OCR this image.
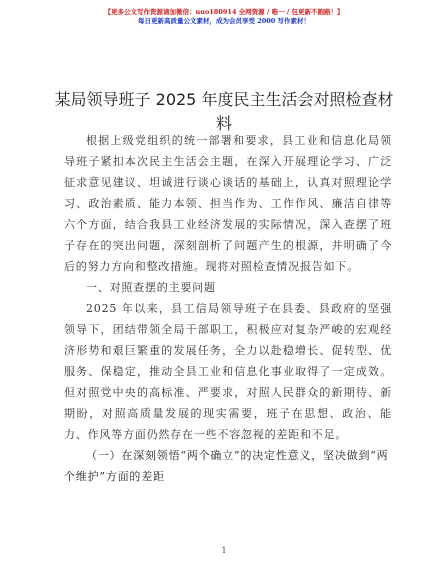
【更多公文写作资源请加微信：nuo180914 全网资源 / 唯一 / 包更新不跑路！】
每日更新高质量公文素材，成为会员享受 2000 写作素材！
某局领导班子 2025 年度民主生活会对照检查材料

根据上级党组织的统一部署和要求，县工业和信息化局领导班子紧扣本次民主生活会主题，在深入开展理论学习、广泛征求意见建议、坦诚进行谈心谈话的基础上，认真对照理论学习、政治素质、能力本领、担当作为、工作作风、廉洁自律等六个方面，结合我县工业经济发展的实际情况，深入查摆了班子存在的突出问题，深刻剖析了问题产生的根源，并明确了今后的努力方向和整改措施。现将对照检查情况报告如下。

一、对照查摆的主要问题

2025 年以来，县工信局领导班子在县委、县政府的坚强领导下，团结带领全局干部职工，积极应对复杂严峻的宏观经济形势和艰巨繁重的发展任务，全力以赴稳增长、促转型、优服务、保稳定，推动全县工业和信息化事业取得了一定成效。但对照党中央的高标准、严要求，对照人民群众的新期待、新期盼，对照高质量发展的现实需要，班子在思想、政治、能力、作风等方面仍然存在一些不容忽视的差距和不足。

（一）在深刻领悟“两个确立”的决定性意义，坚决做到“两个维护”方面的差距

1
